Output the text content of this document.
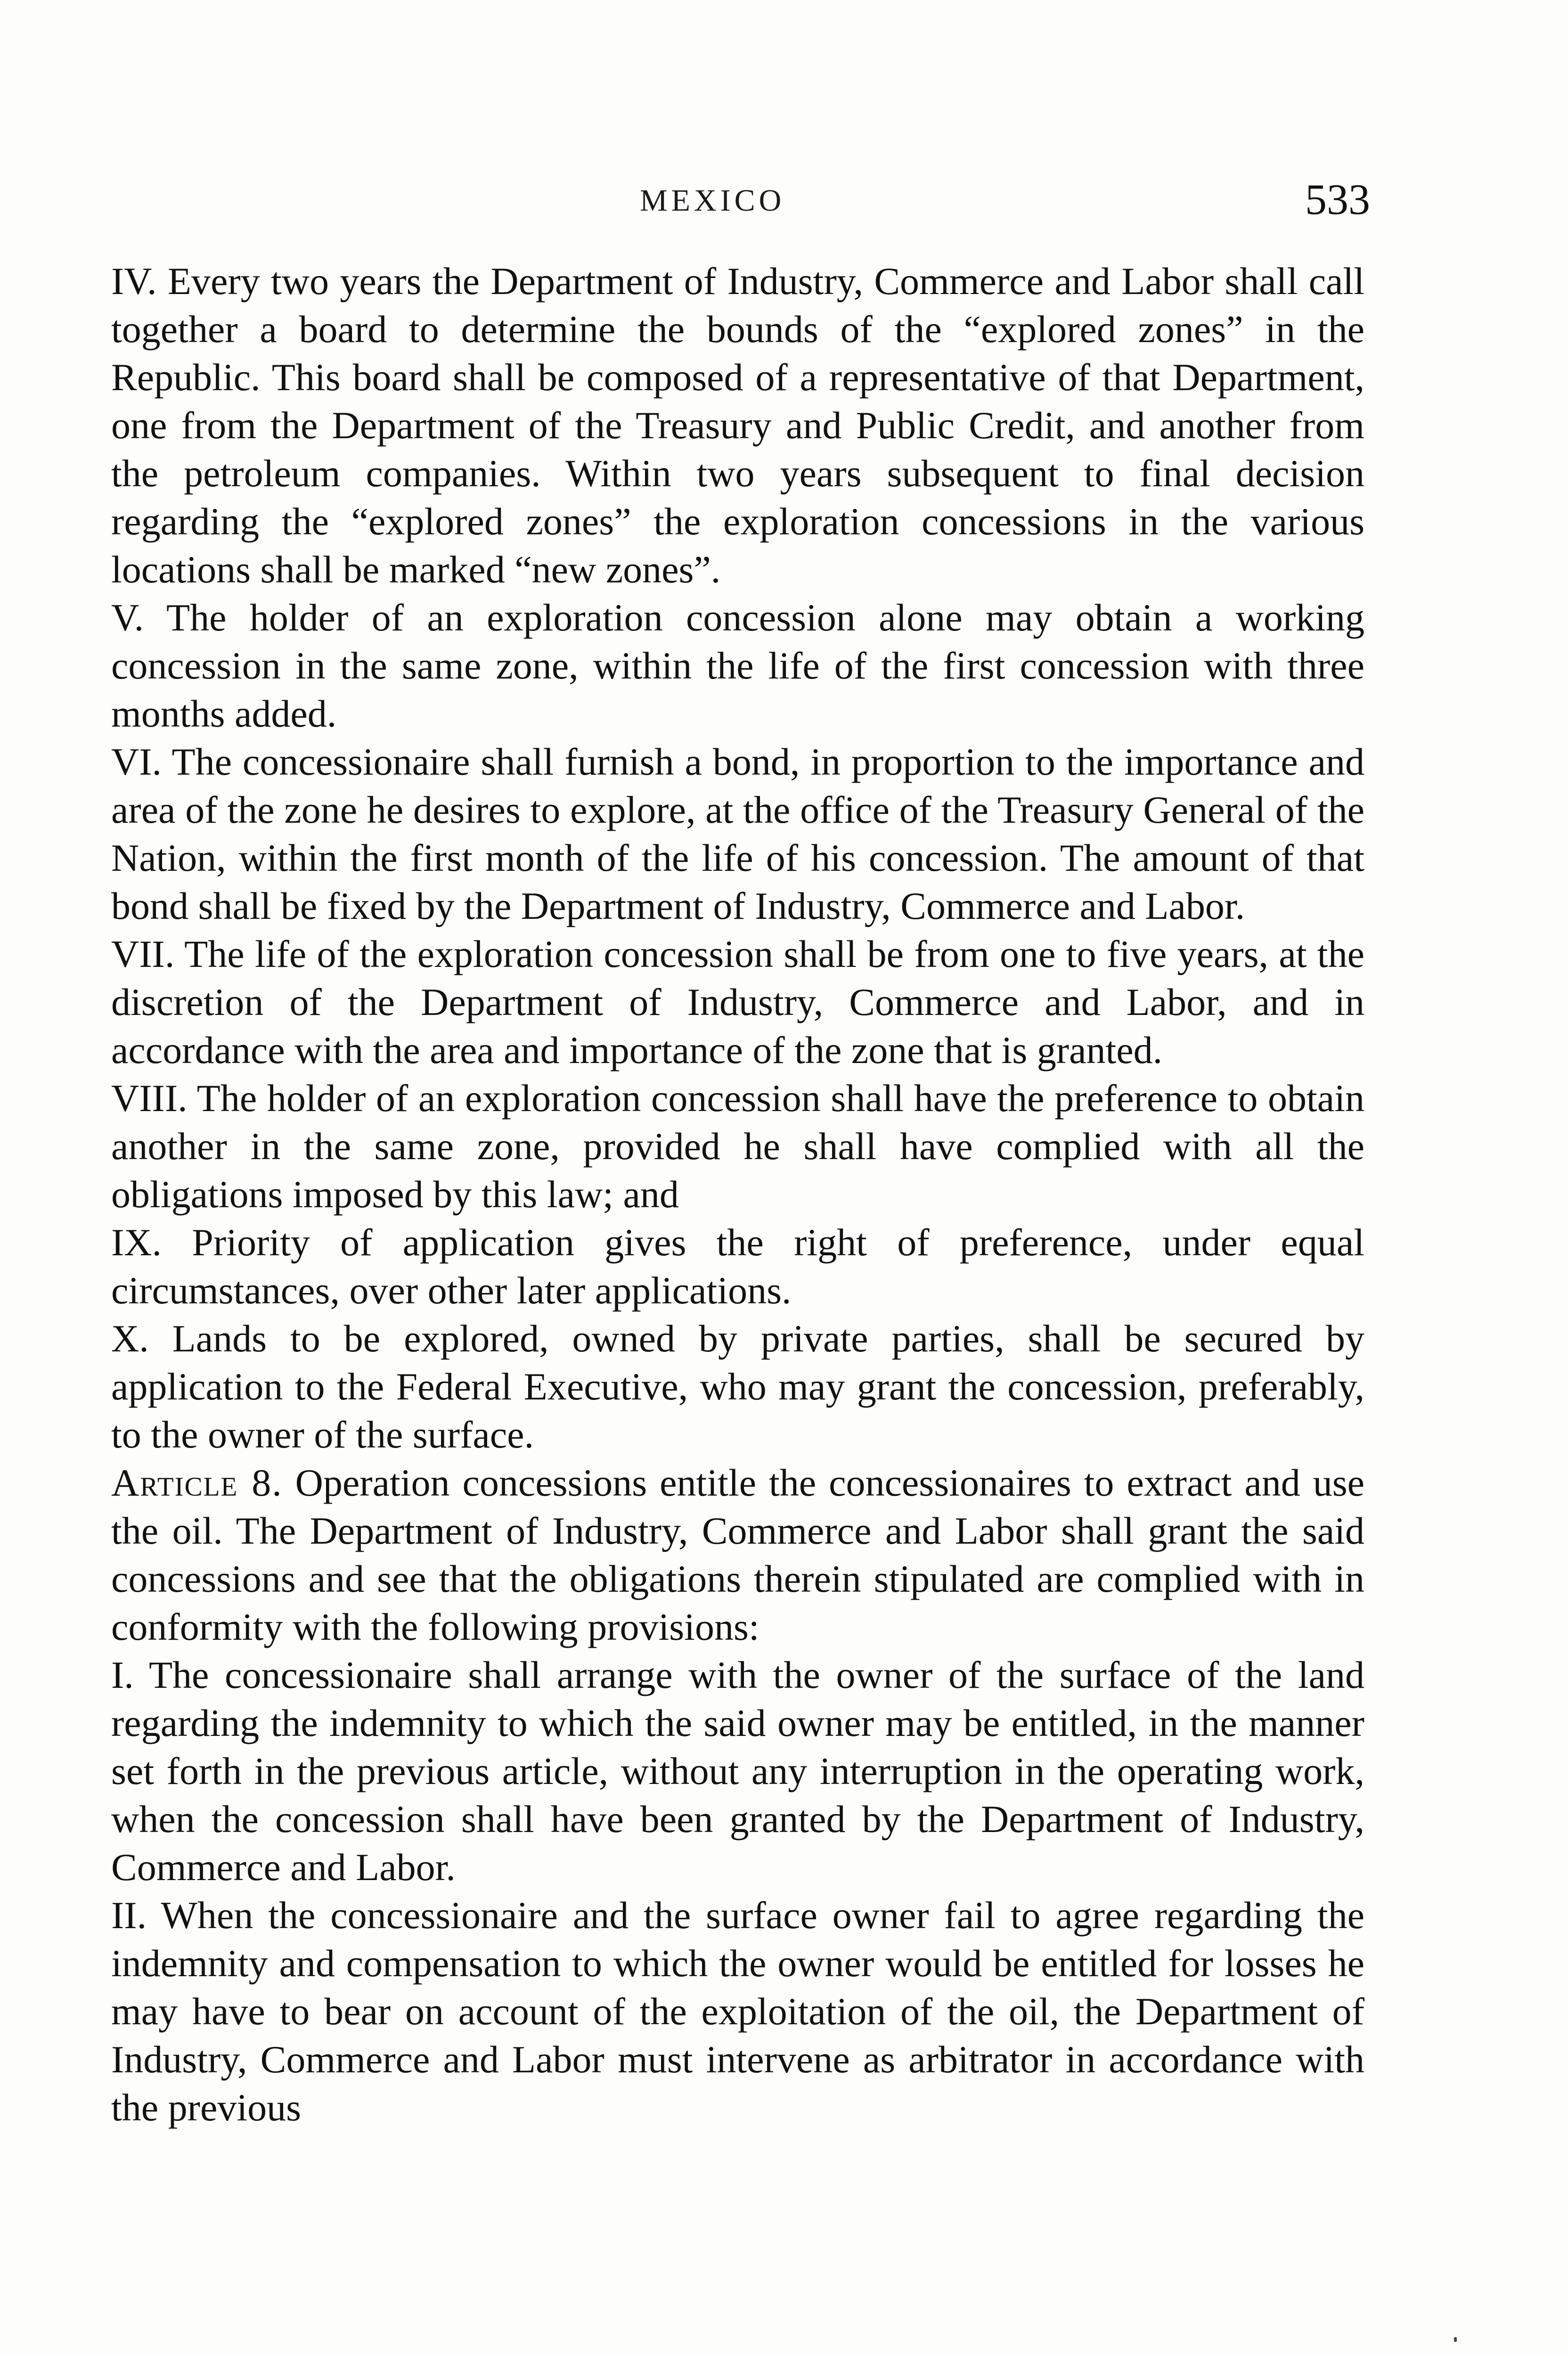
MEXICO	533

IV. Every two years the Department of Industry, Commerce and Labor shall call together a board to determine the bounds of the “explored zones” in the Republic. This board shall be composed of a representative of that Department, one from the Department of the Treasury and Public Credit, and another from the petroleum companies. Within two years subsequent to final decision regarding the “explored zones” the exploration concessions in the various locations shall be marked “new zones”.

V. The holder of an exploration concession alone may obtain a working concession in the same zone, within the life of the first concession with three months added.

VI. The concessionaire shall furnish a bond, in proportion to the importance and area of the zone he desires to explore, at the office of the Treasury General of the Nation, within the first month of the life of his concession. The amount of that bond shall be fixed by the Department of Industry, Commerce and Labor.

VII. The life of the exploration concession shall be from one to five years, at the discretion of the Department of Industry, Commerce and Labor, and in accordance with the area and importance of the zone that is granted.

VIII. The holder of an exploration concession shall have the preference to obtain another in the same zone, provided he shall have complied with all the obligations imposed by this law; and

IX. Priority of application gives the right of preference, under equal circumstances, over other later applications.

X. Lands to be explored, owned by private parties, shall be secured by application to the Federal Executive, who may grant the concession, preferably, to the owner of the surface.

Article 8. Operation concessions entitle the concessionaires to extract and use the oil. The Department of Industry, Commerce and Labor shall grant the said concessions and see that the obligations therein stipulated are complied with in conformity with the following provisions:

I. The concessionaire shall arrange with the owner of the surface of the land regarding the indemnity to which the said owner may be entitled, in the manner set forth in the previous article, without any interruption in the operating work, when the concession shall have been granted by the Department of Industry, Commerce and Labor.

II. When the concessionaire and the surface owner fail to agree regarding the indemnity and compensation to which the owner would be entitled for losses he may have to bear on account of the exploitation of the oil, the Department of Industry, Commerce and Labor must intervene as arbitrator in accordance with the previous
